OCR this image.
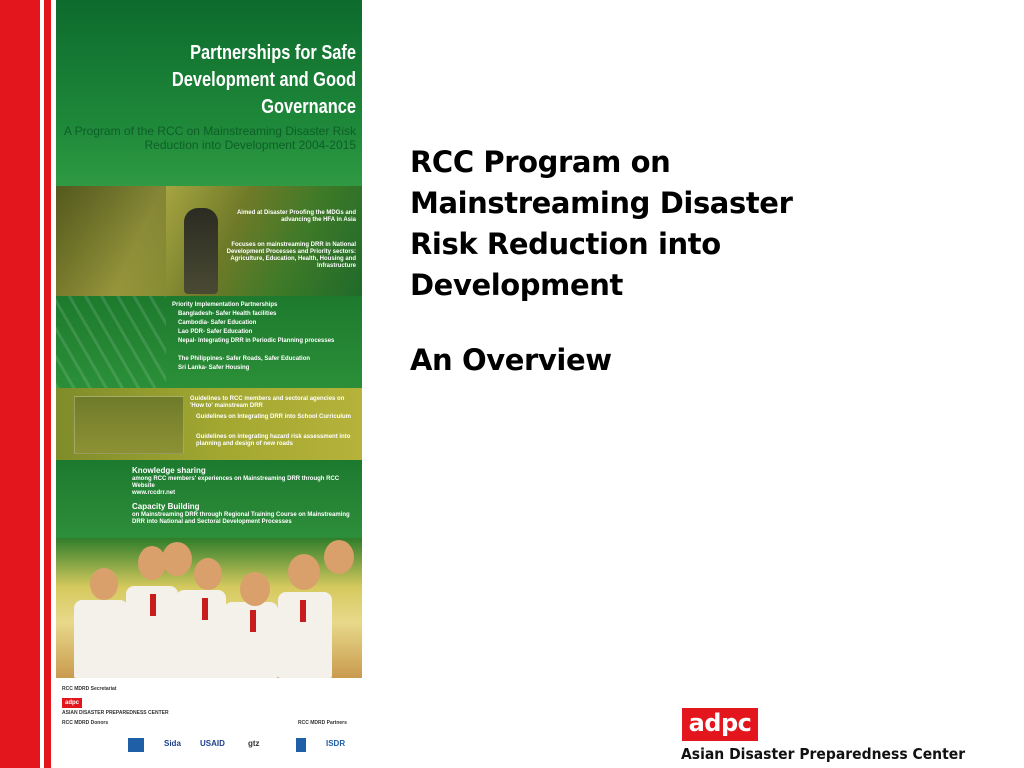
Partnerships for Safe Development and Good Governance
A Program of the RCC on Mainstreaming Disaster Risk Reduction into Development 2004-2015
Aimed at Disaster Proofing the MDGs and advancing the HFA in Asia
Focuses on mainstreaming DRR in National Development Processes and Priority sectors: Agriculture, Education, Health, Housing and Infrastructure
Priority Implementation Partnerships
Bangladesh- Safer Health facilities
Cambodia- Safer Education
Lao PDR- Safer Education
Nepal- Integrating DRR in Periodic Planning processes
The Philippines- Safer Roads, Safer Education
Sri Lanka- Safer Housing
Guidelines to RCC members and sectoral agencies on 'How to' mainstream DRR
Guidelines on Integrating DRR into School Curriculum
Guidelines on integrating hazard risk assessment into planning and design of new roads
Knowledge sharing
among RCC members' experiences on Mainstreaming DRR through RCC Website
www.rccdrr.net
Capacity Building
on Mainstreaming DRR through Regional Training Course on Mainstreaming DRR into National and Sectoral Development Processes
RCC MDRD Secretariat
adpc
ASIAN DISASTER PREPAREDNESS CENTER
RCC MDRD Donors	RCC MDRD Partners
Sida USAID	gtz	ISDR
RCC Program on Mainstreaming Disaster Risk Reduction into Development
An Overview
adpc
Asian Disaster Preparedness Center
